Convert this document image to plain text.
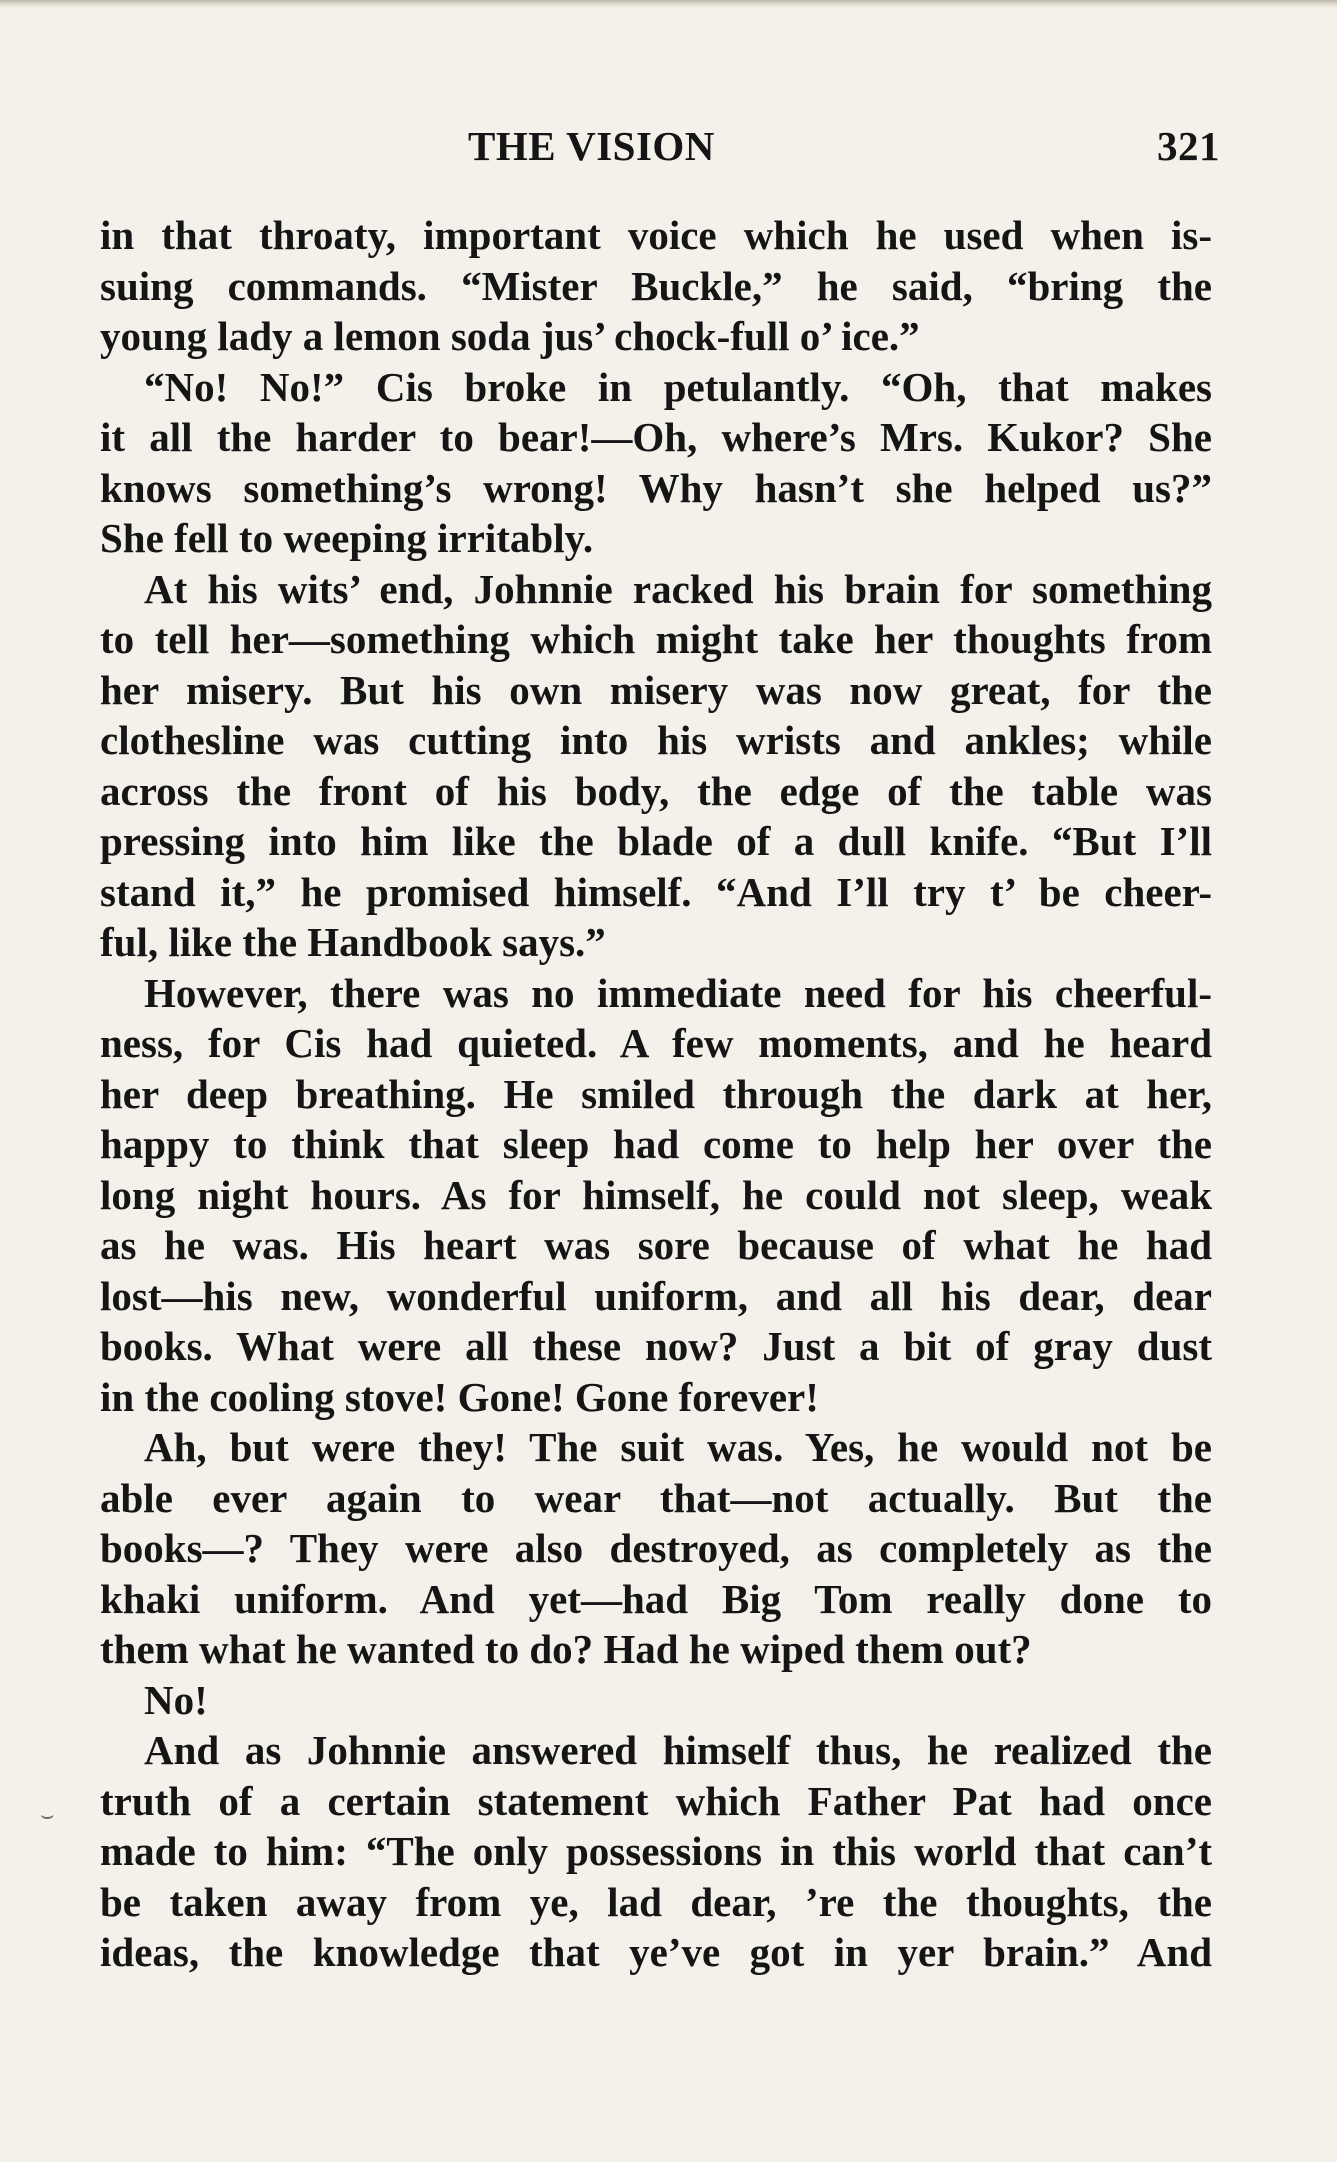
THE VISION	321
in that throaty, important voice which he used when is-
suing commands. “Mister Buckle,” he said, “bring the
young lady a lemon soda jus’ chock-full o’ ice.”
“No! No!” Cis broke in petulantly. “Oh, that makes
it all the harder to bear!—Oh, where’s Mrs. Kukor? She
knows something’s wrong! Why hasn’t she helped us?”
She fell to weeping irritably.
At his wits’ end, Johnnie racked his brain for something
to tell her—something which might take her thoughts from
her misery. But his own misery was now great, for the
clothesline was cutting into his wrists and ankles; while
across the front of his body, the edge of the table was
pressing into him like the blade of a dull knife. “But I’ll
stand it,” he promised himself. “And I’ll try t’ be cheer-
ful, like the Handbook says.”
However, there was no immediate need for his cheerful-
ness, for Cis had quieted. A few moments, and he heard
her deep breathing. He smiled through the dark at her,
happy to think that sleep had come to help her over the
long night hours. As for himself, he could not sleep, weak
as he was. His heart was sore because of what he had
lost—his new, wonderful uniform, and all his dear, dear
books. What were all these now? Just a bit of gray dust
in the cooling stove! Gone! Gone forever!
Ah, but were they! The suit was. Yes, he would not be
able ever again to wear that—not actually. But the
books—? They were also destroyed, as completely as the
khaki uniform. And yet—had Big Tom really done to
them what he wanted to do? Had he wiped them out?
No!
And as Johnnie answered himself thus, he realized the
truth of a certain statement which Father Pat had once
made to him: “The only possessions in this world that can’t
be taken away from ye, lad dear, ’re the thoughts, the
ideas, the knowledge that ye’ve got in yer brain.” And
⌣
